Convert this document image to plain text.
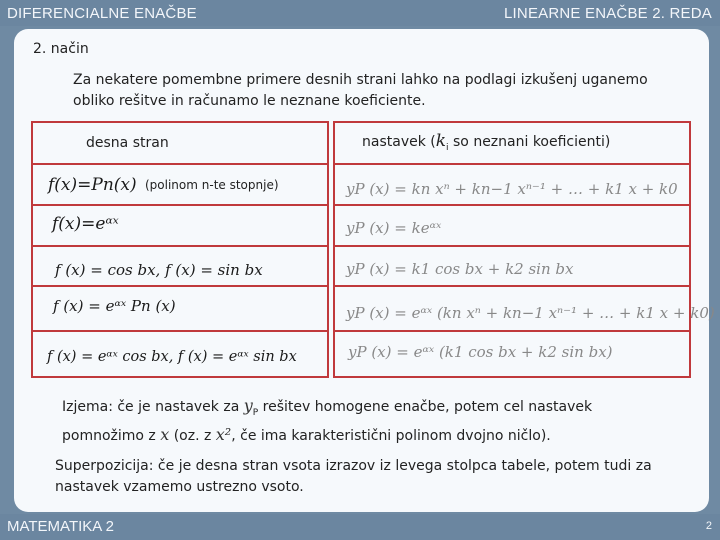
DIFERENCIALNE ENAČBE	LINEARNE ENAČBE 2. REDA
2. način
Za nekatere pomembne primere desnih strani lahko na podlagi izkušenj uganemo obliko rešitve in računamo le neznane koeficiente.
desna stran	nastavek ($k_i$ so neznani koeficienti)
f(x)=Pn(x) (polinom n-te stopnje)	yP (x) = kn xⁿ + kn−1 xⁿ⁻¹ + … + k1 x + k0
f(x)=eᵅˣ	yP (x) = keᵅˣ
f (x) = cos bx, f (x) = sin bx	yP (x) = k1 cos bx + k2 sin bx
f (x) = eᵅˣ Pn (x)	yP (x) = eᵅˣ (kn xⁿ + kn−1 xⁿ⁻¹ + … + k1 x + k0)
f (x) = eᵅˣ cos bx, f (x) = eᵅˣ sin bx	yP (x) = eᵅˣ (k1 cos bx + k2 sin bx)
Izjema: če je nastavek za $y_P$ rešitev homogene enačbe, potem cel nastavek pomnožimo z x (oz. z x², če ima karakteristični polinom dvojno ničlo).
Superpozicija: če je desna stran vsota izrazov iz levega stolpca tabele, potem tudi za nastavek vzamemo ustrezno vsoto.
MATEMATIKA 2	2
